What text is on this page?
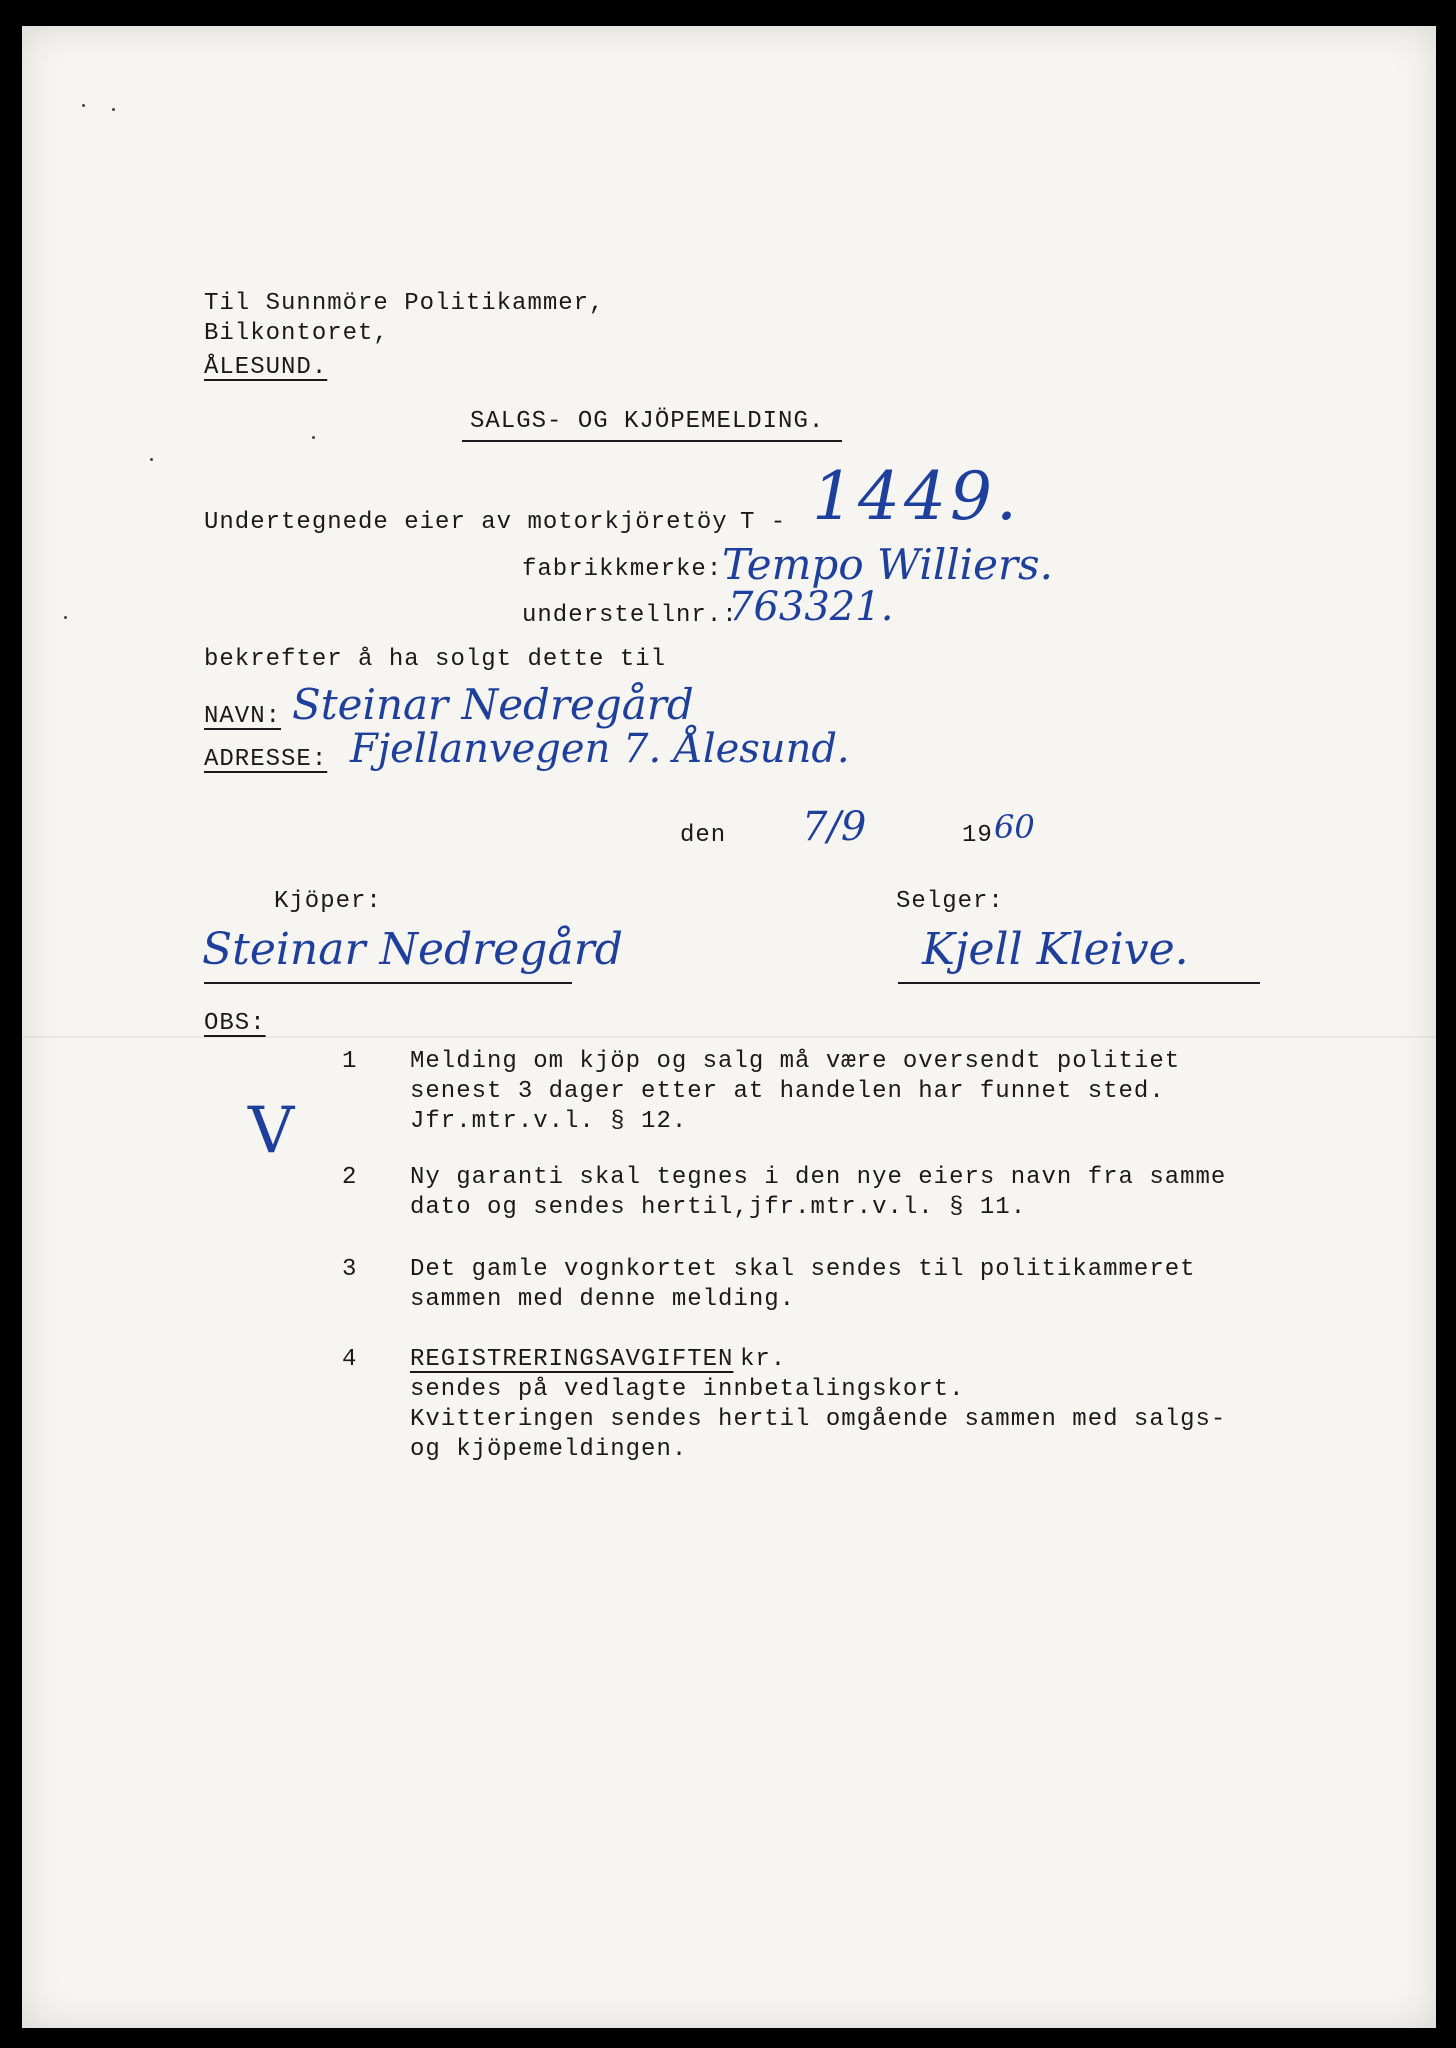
Til Sunnmöre Politikammer,

Bilkontoret,

ÅLESUND.

SALGS- OG KJÖPEMELDING.

Undertegnede eier av motorkjöretöy T - 1449.

fabrikkmerke: Tempo Williers.

understellnr.:

763321.

bekrefter å ha solgt dette til

NAVN: Steinar Nedregård

ADRESSE: Fjellanvegen 7. Ålesund.

den 7/9	19 60

Kjöper:

Steinar Nedregård

Selger:

Kjell Kleive.

OBS:

V

1 Melding om kjöp og salg må være oversendt politiet

senest 3 dager etter at handelen har funnet sted.

Jfr.mtr.v.l. § 12.

2 Ny garanti skal tegnes i den nye eiers navn fra samme

dato og sendes hertil,jfr.mtr.v.l. § 11.

3 Det gamle vognkortet skal sendes til politikammeret

sammen med denne melding.

4 REGISTRERINGSAVGIFTEN kr.

sendes på vedlagte innbetalingskort.

Kvitteringen sendes hertil omgående sammen med salgs-

og kjöpemeldingen.
